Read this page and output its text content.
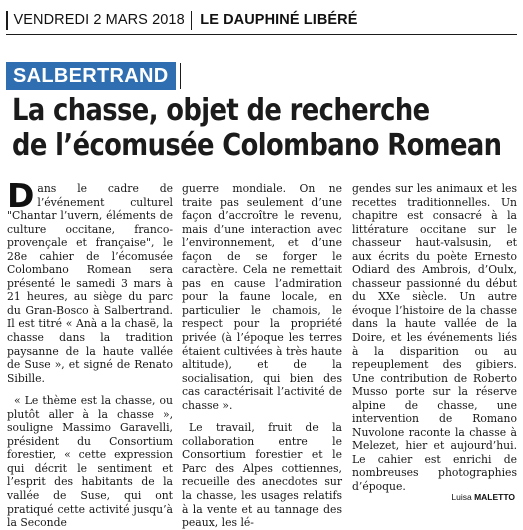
VENDREDI 2 MARS 2018 LE DAUPHINÉ LIBÉRÉ
SALBERTRAND
La chasse, objet de recherche
de l’écomusée Colombano Romean

Dans le cadre de l’événement culturel "Chantar l’uvern, éléments de culture occitane, franco-provençale et française", le 28e cahier de l’écomusée Colombano Romean sera présenté le samedi 3 mars à 21 heures, au siège du parc du Gran-Bosco à Salbertrand. Il est titré « Anà a la chasë, la chasse dans la tradition paysanne de la haute vallée de Suse », et signé de Renato Sibille.

« Le thème est la chasse, ou plutôt aller à la chasse », souligne Massimo Garavelli, président du Consortium forestier, « cette expression qui décrit le sentiment et l’esprit des habitants de la vallée de Suse, qui ont pratiqué cette activité jusqu’à la Seconde

guerre mondiale. On ne traite pas seulement d’une façon d’accroître le revenu, mais d’une interaction avec l’environnement, et d’une façon de se forger le caractère. Cela ne remettait pas en cause l’admiration pour la faune locale, en particulier le chamois, le respect pour la propriété privée (à l’époque les terres étaient cultivées à très haute altitude), et de la socialisation, qui bien des cas caractérisait l’activité de chasse ».

Le travail, fruit de la collaboration entre le Consortium forestier et le Parc des Alpes cottiennes, recueille des anecdotes sur la chasse, les usages relatifs à la vente et au tannage des peaux, les lé-

gendes sur les animaux et les recettes traditionnelles. Un chapitre est consacré à la littérature occitane sur le chasseur haut-valsusin, et aux écrits du poète Ernesto Odiard des Ambrois, d’Oulx, chasseur passionné du début du XXe siècle. Un autre évoque l’histoire de la chasse dans la haute vallée de la Doire, et les événements liés à la disparition ou au repeuplement des gibiers. Une contribution de Roberto Musso porte sur la réserve alpine de chasse, une intervention de Romano Nuvolone raconte la chasse à Melezet, hier et aujourd’hui. Le cahier est enrichi de nombreuses photographies d’époque.

Luisa MALETTO
